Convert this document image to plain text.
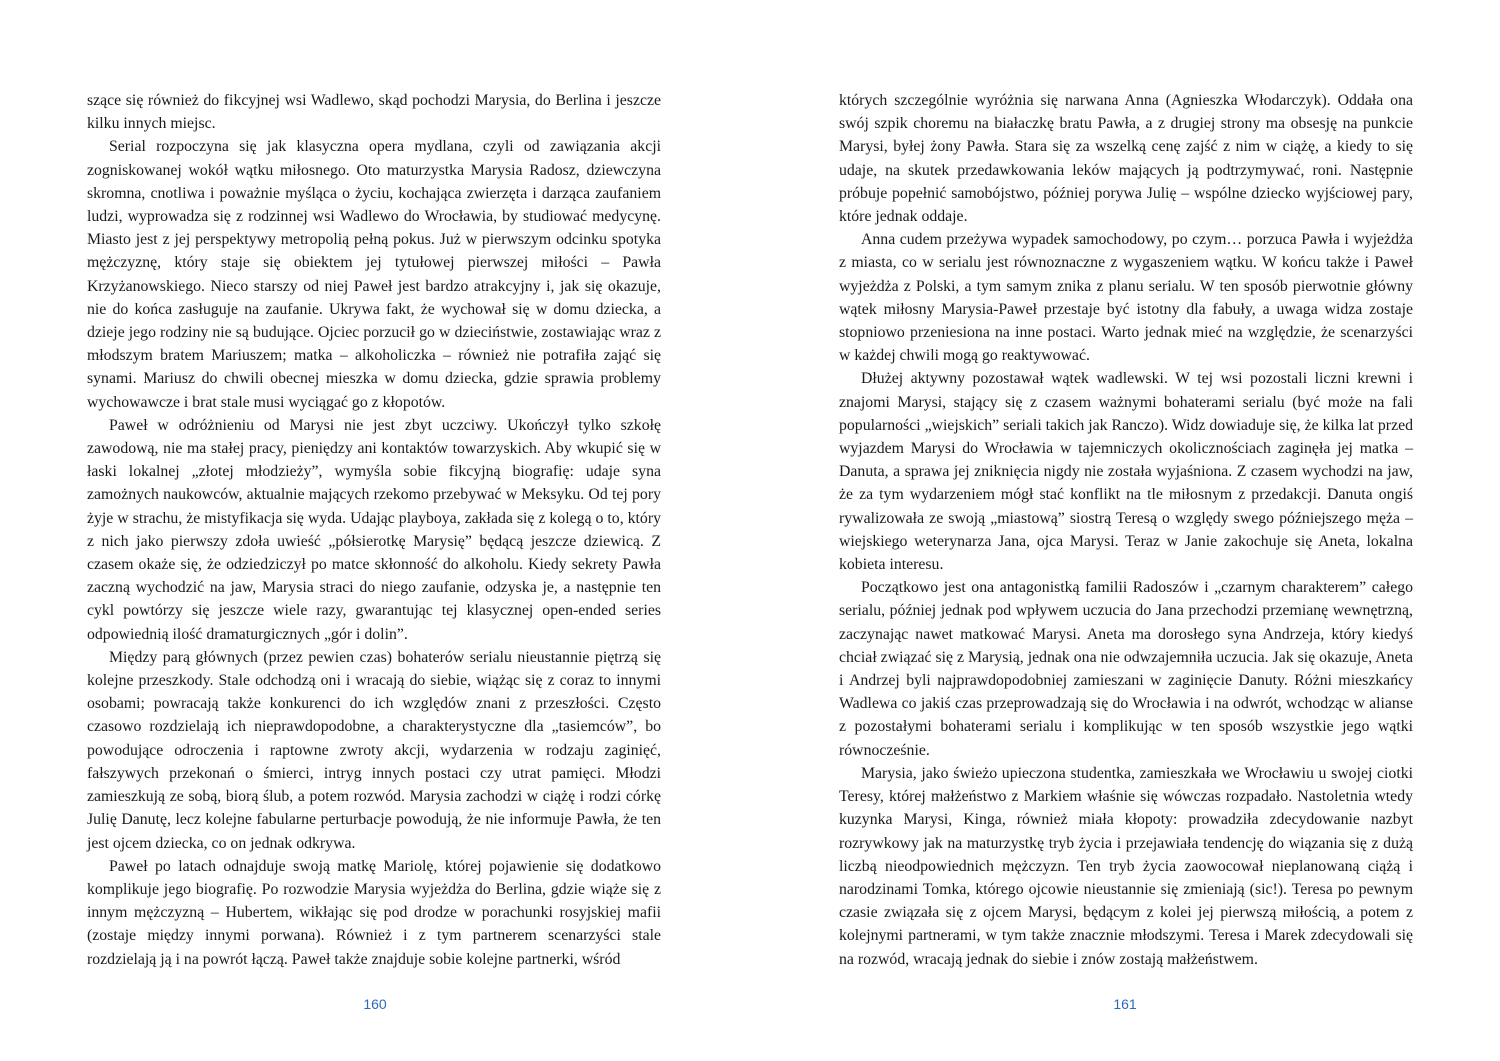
szące się również do fikcyjnej wsi Wadlewo, skąd pochodzi Marysia, do Berlina i jeszcze kilku innych miejsc.

Serial rozpoczyna się jak klasyczna opera mydlana, czyli od zawiązania akcji zogniskowanej wokół wątku miłosnego. Oto maturzystka Marysia Radosz, dziewczyna skromna, cnotliwa i poważnie myśląca o życiu, kochająca zwierzęta i darząca zaufaniem ludzi, wyprowadza się z rodzinnej wsi Wadlewo do Wrocławia, by studiować medycynę. Miasto jest z jej perspektywy metropolią pełną pokus. Już w pierwszym odcinku spotyka mężczyznę, który staje się obiektem jej tytułowej pierwszej miłości – Pawła Krzyżanowskiego. Nieco starszy od niej Paweł jest bardzo atrakcyjny i, jak się okazuje, nie do końca zasługuje na zaufanie. Ukrywa fakt, że wychował się w domu dziecka, a dzieje jego rodziny nie są budujące. Ojciec porzucił go w dzieciństwie, zostawiając wraz z młodszym bratem Mariuszem; matka – alkoholiczka – również nie potrafiła zająć się synami. Mariusz do chwili obecnej mieszka w domu dziecka, gdzie sprawia problemy wychowawcze i brat stale musi wyciągać go z kłopotów.

Paweł w odróżnieniu od Marysi nie jest zbyt uczciwy. Ukończył tylko szkołę zawodową, nie ma stałej pracy, pieniędzy ani kontaktów towarzyskich. Aby wkupić się w łaski lokalnej „złotej młodzieży”, wymyśla sobie fikcyjną biografię: udaje syna zamożnych naukowców, aktualnie mających rzekomo przebywać w Meksyku. Od tej pory żyje w strachu, że mistyfikacja się wyda. Udając playboya, zakłada się z kolegą o to, który z nich jako pierwszy zdoła uwieść „półsierotkę Marysię” będącą jeszcze dziewicą. Z czasem okaże się, że odziedziczył po matce skłonność do alkoholu. Kiedy sekrety Pawła zaczną wychodzić na jaw, Marysia straci do niego zaufanie, odzyska je, a następnie ten cykl powtórzy się jeszcze wiele razy, gwarantując tej klasycznej open-ended series odpowiednią ilość dramaturgicznych „gór i dolin”.

Między parą głównych (przez pewien czas) bohaterów serialu nieustannie piętrzą się kolejne przeszkody. Stale odchodzą oni i wracają do siebie, wiążąc się z coraz to innymi osobami; powracają także konkurenci do ich względów znani z przeszłości. Często czasowo rozdzielają ich nieprawdopodobne, a charakterystyczne dla „tasiemców”, bo powodujące odroczenia i raptowne zwroty akcji, wydarzenia w rodzaju zaginięć, fałszywych przekonań o śmierci, intryg innych postaci czy utrat pamięci. Młodzi zamieszkują ze sobą, biorą ślub, a potem rozwód. Marysia zachodzi w ciążę i rodzi córkę Julię Danutę, lecz kolejne fabularne perturbacje powodują, że nie informuje Pawła, że ten jest ojcem dziecka, co on jednak odkrywa.

Paweł po latach odnajduje swoją matkę Mariolę, której pojawienie się dodatkowo komplikuje jego biografię. Po rozwodzie Marysia wyjeżdża do Berlina, gdzie wiąże się z innym mężczyzną – Hubertem, wikłając się pod drodze w porachunki rosyjskiej mafii (zostaje między innymi porwana). Również i z tym partnerem scenarzyści stale rozdzielają ją i na powrót łączą. Paweł także znajduje sobie kolejne partnerki, wśród

których szczególnie wyróżnia się narwana Anna (Agnieszka Włodarczyk). Oddała ona swój szpik choremu na białaczkę bratu Pawła, a z drugiej strony ma obsesję na punkcie Marysi, byłej żony Pawła. Stara się za wszelką cenę zajść z nim w ciążę, a kiedy to się udaje, na skutek przedawkowania leków mających ją podtrzymywać, roni. Następnie próbuje popełnić samobójstwo, później porywa Julię – wspólne dziecko wyjściowej pary, które jednak oddaje.

Anna cudem przeżywa wypadek samochodowy, po czym… porzuca Pawła i wyjeżdża z miasta, co w serialu jest równoznaczne z wygaszeniem wątku. W końcu także i Paweł wyjeżdża z Polski, a tym samym znika z planu serialu. W ten sposób pierwotnie główny wątek miłosny Marysia-Paweł przestaje być istotny dla fabuły, a uwaga widza zostaje stopniowo przeniesiona na inne postaci. Warto jednak mieć na względzie, że scenarzyści w każdej chwili mogą go reaktywować.

Dłużej aktywny pozostawał wątek wadlewski. W tej wsi pozostali liczni krewni i znajomi Marysi, stający się z czasem ważnymi bohaterami serialu (być może na fali popularności „wiejskich” seriali takich jak Ranczo). Widz dowiaduje się, że kilka lat przed wyjazdem Marysi do Wrocławia w tajemniczych okolicznościach zaginęła jej matka – Danuta, a sprawa jej zniknięcia nigdy nie została wyjaśniona. Z czasem wychodzi na jaw, że za tym wydarzeniem mógł stać konflikt na tle miłosnym z przedakcji. Danuta ongiś rywalizowała ze swoją „miastową” siostrą Teresą o względy swego późniejszego męża – wiejskiego weterynarza Jana, ojca Marysi. Teraz w Janie zakochuje się Aneta, lokalna kobieta interesu.

Początkowo jest ona antagonistką familii Radoszów i „czarnym charakterem” całego serialu, później jednak pod wpływem uczucia do Jana przechodzi przemianę wewnętrzną, zaczynając nawet matkować Marysi. Aneta ma dorosłego syna Andrzeja, który kiedyś chciał związać się z Marysią, jednak ona nie odwzajemniła uczucia. Jak się okazuje, Aneta i Andrzej byli najprawdopodobniej zamieszani w zaginięcie Danuty. Różni mieszkańcy Wadlewa co jakiś czas przeprowadzają się do Wrocławia i na odwrót, wchodząc w alianse z pozostałymi bohaterami serialu i komplikując w ten sposób wszystkie jego wątki równocześnie.

Marysia, jako świeżo upieczona studentka, zamieszkała we Wrocławiu u swojej ciotki Teresy, której małżeństwo z Markiem właśnie się wówczas rozpadało. Nastoletnia wtedy kuzynka Marysi, Kinga, również miała kłopoty: prowadziła zdecydowanie nazbyt rozrywkowy jak na maturzystkę tryb życia i przejawiała tendencję do wiązania się z dużą liczbą nieodpowiednich mężczyzn. Ten tryb życia zaowocował nieplanowaną ciążą i narodzinami Tomka, którego ojcowie nieustannie się zmieniają (sic!). Teresa po pewnym czasie związała się z ojcem Marysi, będącym z kolei jej pierwszą miłością, a potem z kolejnymi partnerami, w tym także znacznie młodszymi. Teresa i Marek zdecydowali się na rozwód, wracają jednak do siebie i znów zostają małżeństwem.

160	161
